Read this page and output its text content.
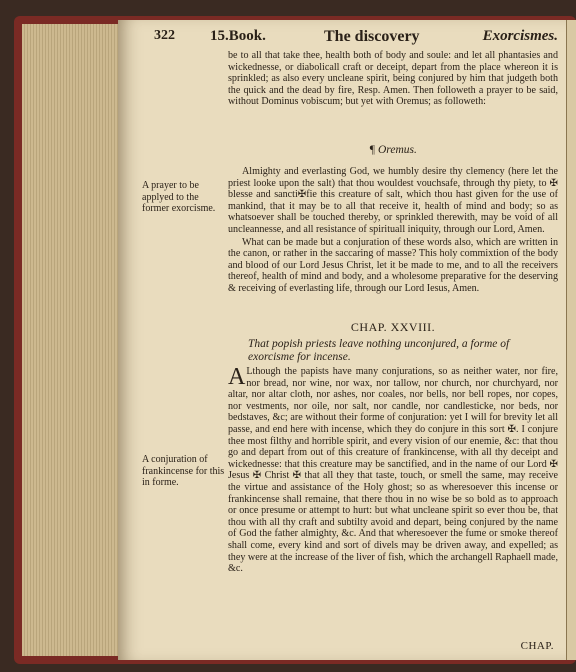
322 15.Book.	The discovery	Exorcismes.

be to all that take thee, health both of body and soule: and let all phantasies and wickednesse, or diabolicall craft or deceipt, depart from the place whereon it is sprinkled; as also every uncleane spirit, being conjured by him that judgeth both the quick and the dead by fire, Resp. Amen. Then followeth a prayer to be said, without Dominus vobiscum; but yet with Oremus; as followeth:

¶ Oremus.
A prayer to be applyed to the former exorcisme.

Almighty and everlasting God, we humbly desire thy clemency (here let the priest looke upon the salt) that thou wouldest vouchsafe, through thy piety, to ✠ blesse and sancti✠fie this creature of salt, which thou hast given for the use of mankind, that it may be to all that receive it, health of mind and body; so as whatsoever shall be touched thereby, or sprinkled therewith, may be void of all uncleannesse, and all resistance of spirituall iniquity, through our Lord, Amen.

What can be made but a conjuration of these words also, which are written in the canon, or rather in the saccaring of masse? This holy commixtion of the body and blood of our Lord Jesus Christ, let it be made to me, and to all the receivers thereof, health of mind and body, and a wholesome preparative for the deserving & receiving of everlasting life, through our Lord Iesus, Amen.

CHAP. XXVIII.
That popish priests leave nothing unconjured, a forme of exorcisme for incense.
A conjuration of frankincense for this in forme.

A Lthough the papists have many conjurations, so as neither water, nor fire, nor bread, nor wine, nor wax, nor tallow, nor church, nor churchyard, nor altar, nor altar cloth, nor ashes, nor coales, nor bells, nor bell ropes, nor copes, nor vestments, nor oile, nor salt, nor candle, nor candlesticke, nor beds, nor bedstaves, &c; are without their forme of conjuration: yet I will for brevity let all passe, and end here with incense, which they do conjure in this sort ✠. I conjure thee most filthy and horrible spirit, and every vision of our enemie, &c: that thou go and depart from out of this creature of frankincense, with all thy deceipt and wickednesse: that this creature may be sanctified, and in the name of our Lord ✠ Jesus ✠ Christ ✠ that all they that taste, touch, or smell the same, may receive the virtue and assistance of the Holy ghost; so as wheresoever this incense or frankincense shall remaine, that there thou in no wise be so bold as to approach or once presume or attempt to hurt: but what uncleane spirit so ever thou be, that thou with all thy craft and subtilty avoid and depart, being conjured by the name of God the father almighty, &c. And that wheresoever the fume or smoke thereof shall come, every kind and sort of divels may be driven away, and expelled; as they were at the increase of the liver of fish, which the archangell Raphaell made, &c.

CHAP.
